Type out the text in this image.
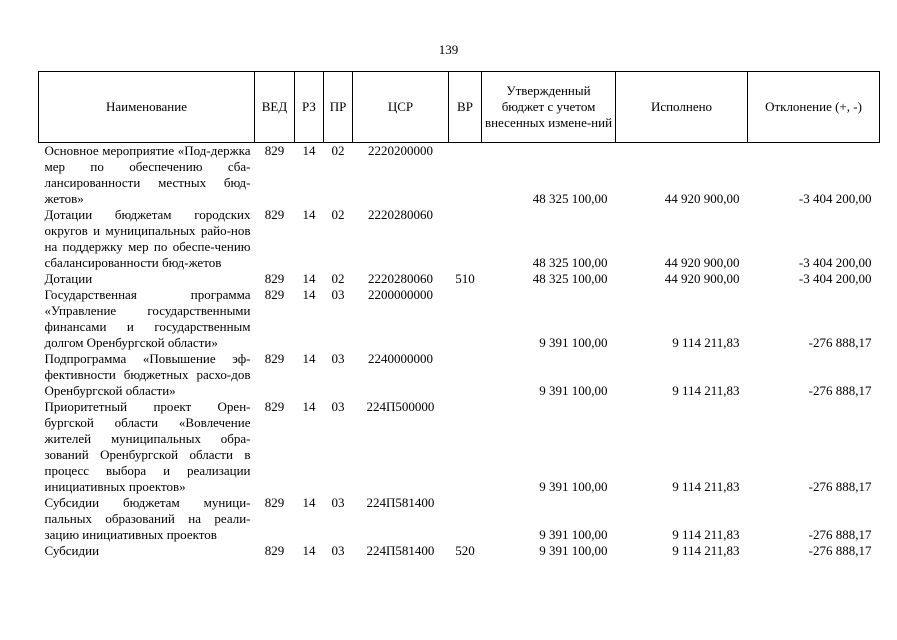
139
Наименование	ВЕД	РЗ	ПР	ЦСР	ВР	Утвержденный бюджет с учетом внесенных измене-ний	Исполнено	Отклонение (+, -)
Основное мероприятие «Под-держка мер по обеспечению сба-лансированности местных бюд-жетов»	829	14	02	2220200000		48 325 100,00	44 920 900,00	-3 404 200,00
Дотации бюджетам городских округов и муниципальных райо-нов на поддержку мер по обеспе-чению сбалансированности бюд-жетов	829	14	02	2220280060		48 325 100,00	44 920 900,00	-3 404 200,00
Дотации	829	14	02	2220280060	510	48 325 100,00	44 920 900,00	-3 404 200,00
Государственная программа «Управление государственными финансами и государственным долгом Оренбургской области»	829	14	03	2200000000		9 391 100,00	9 114 211,83	-276 888,17
Подпрограмма «Повышение эф-фективности бюджетных расхо-дов Оренбургской области»	829	14	03	2240000000		9 391 100,00	9 114 211,83	-276 888,17
Приоритетный проект Орен-бургской области «Вовлечение жителей муниципальных обра-зований Оренбургской области в процесс выбора и реализации инициативных проектов»	829	14	03	224П500000		9 391 100,00	9 114 211,83	-276 888,17
Субсидии бюджетам муници-пальных образований на реали-зацию инициативных проектов	829	14	03	224П581400		9 391 100,00	9 114 211,83	-276 888,17
Субсидии	829	14	03	224П581400	520	9 391 100,00	9 114 211,83	-276 888,17
